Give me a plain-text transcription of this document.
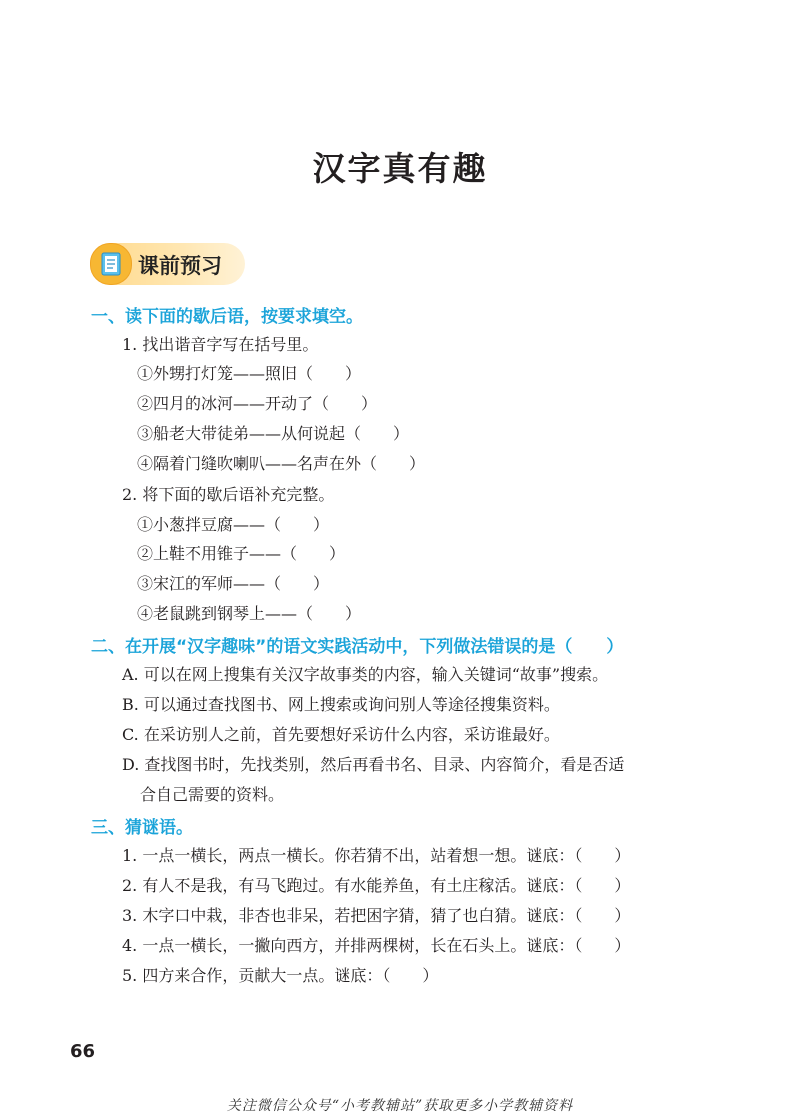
汉字真有趣
课前预习
一、读下面的歇后语，按要求填空。
1. 找出谐音字写在括号里。
①外甥打灯笼——照旧（　　）
②四月的冰河——开动了（　　）
③船老大带徒弟——从何说起（　　）
④隔着门缝吹喇叭——名声在外（　　）
2. 将下面的歇后语补充完整。
①小葱拌豆腐——（　　）
②上鞋不用锥子——（　　）
③宋江的军师——（　　）
④老鼠跳到钢琴上——（　　）
二、在开展“汉字趣味”的语文实践活动中，下列做法错误的是（　　）
A. 可以在网上搜集有关汉字故事类的内容，输入关键词“故事”搜索。
B. 可以通过查找图书、网上搜索或询问别人等途径搜集资料。
C. 在采访别人之前，首先要想好采访什么内容，采访谁最好。
D. 查找图书时，先找类别，然后再看书名、目录、内容简介，看是否适
合自己需要的资料。
三、猜谜语。
1. 一点一横长，两点一横长。你若猜不出，站着想一想。谜底：（　　）
2. 有人不是我，有马飞跑过。有水能养鱼，有土庄稼活。谜底：（　　）
3. 木字口中栽，非杏也非呆，若把困字猜，猜了也白猜。谜底：（　　）
4. 一点一横长，一撇向西方，并排两棵树，长在石头上。谜底：（　　）
5. 四方来合作，贡献大一点。谜底：（　　）
66
关注微信公众号“小考教辅站”获取更多小学教辅资料
